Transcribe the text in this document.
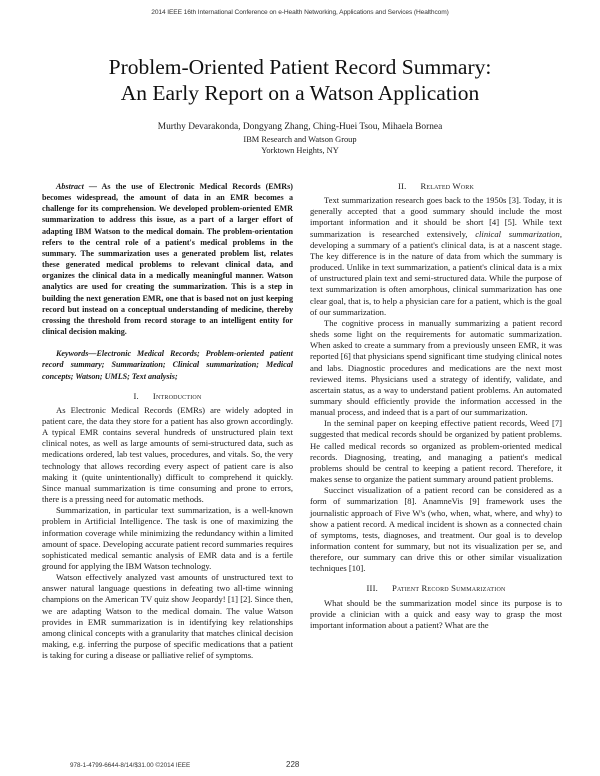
2014 IEEE 16th International Conference on e-Health Networking, Applications and Services (Healthcom)
Problem-Oriented Patient Record Summary:
An Early Report on a Watson Application
Murthy Devarakonda, Dongyang Zhang, Ching-Huei Tsou, Mihaela Bornea
IBM Research and Watson Group
Yorktown Heights, NY

Abstract — As the use of Electronic Medical Records (EMRs) becomes widespread, the amount of data in an EMR becomes a challenge for its comprehension. We developed problem-oriented EMR summarization to address this issue, as a part of a larger effort of adapting IBM Watson to the medical domain. The problem-orientation refers to the central role of a patient's medical problems in the summary. The summarization uses a generated problem list, relates these generated medical problems to relevant clinical data, and organizes the clinical data in a medically meaningful manner. Watson analytics are used for creating the summarization. This is a step in building the next generation EMR, one that is based not on just keeping record but instead on a conceptual understanding of medicine, thereby crossing the threshold from record storage to an intelligent entity for clinical decision making.

Keywords—Electronic Medical Records; Problem-oriented patient record summary; Summarization; Clinical summarization; Medical concepts; Watson; UMLS; Text analysis;

I. Introduction

As Electronic Medical Records (EMRs) are widely adopted in patient care, the data they store for a patient has also grown accordingly. A typical EMR contains several hundreds of unstructured plain text clinical notes, as well as large amounts of semi-structured data, such as medications ordered, lab test values, procedures, and vitals. So, the very technology that allows recording every aspect of patient care is also making it (quite unintentionally) difficult to comprehend it quickly. Since manual summarization is time consuming and prone to errors, there is a pressing need for automatic methods.

Summarization, in particular text summarization, is a well-known problem in Artificial Intelligence. The task is one of maximizing the information coverage while minimizing the redundancy within a limited amount of space. Developing accurate patient record summaries requires sophisticated medical semantic analysis of EMR data and is a fertile ground for applying the IBM Watson technology.

Watson effectively analyzed vast amounts of unstructured text to answer natural language questions in defeating two all-time winning champions on the American TV quiz show Jeopardy! [1] [2]. Since then, we are adapting Watson to the medical domain. The value Watson provides in EMR summarization is in identifying key relationships among clinical concepts with a granularity that matches clinical decision making, e.g. inferring the purpose of specific medications that a patient is taking for curing a disease or palliative relief of symptoms.

II. Related Work

Text summarization research goes back to the 1950s [3]. Today, it is generally accepted that a good summary should include the most important information and it should be short [4] [5]. While text summarization is researched extensively, clinical summarization, developing a summary of a patient's clinical data, is at a nascent stage. The key difference is in the nature of data from which the summary is produced. Unlike in text summarization, a patient's clinical data is a mix of unstructured plain text and semi-structured data. While the purpose of text summarization is often amorphous, clinical summarization has one clear goal, that is, to help a physician care for a patient, which is the goal of our summarization.

The cognitive process in manually summarizing a patient record sheds some light on the requirements for automatic summarization. When asked to create a summary from a previously unseen EMR, it was reported [6] that physicians spend significant time studying clinical notes and labs. Diagnostic procedures and medications are the next most reviewed items. Physicians used a strategy of identify, validate, and ascertain status, as a way to understand patient problems. An automated summary should efficiently provide the information accessed in the manual process, and indeed that is a part of our summarization.

In the seminal paper on keeping effective patient records, Weed [7] suggested that medical records should be organized by patient problems. He called medical records so organized as problem-oriented medical records. Diagnosing, treating, and managing a patient's medical problems should be central to keeping a patient record. Therefore, it makes sense to organize the patient summary around patient problems.

Succinct visualization of a patient record can be considered as a form of summarization [8]. AnamneVis [9] framework uses the journalistic approach of Five W's (who, when, what, where, and why) to show a patient record. A medical incident is shown as a connected chain of symptoms, tests, diagnoses, and treatment. Our goal is to develop information content for summary, but not its visualization per se, and therefore, our summary can drive this or other similar visualization techniques [10].

III. Patient Record Summarization

What should be the summarization model since its purpose is to provide a clinician with a quick and easy way to grasp the most important information about a patient? What are the

978-1-4799-6644-8/14/$31.00 ©2014 IEEE	228
